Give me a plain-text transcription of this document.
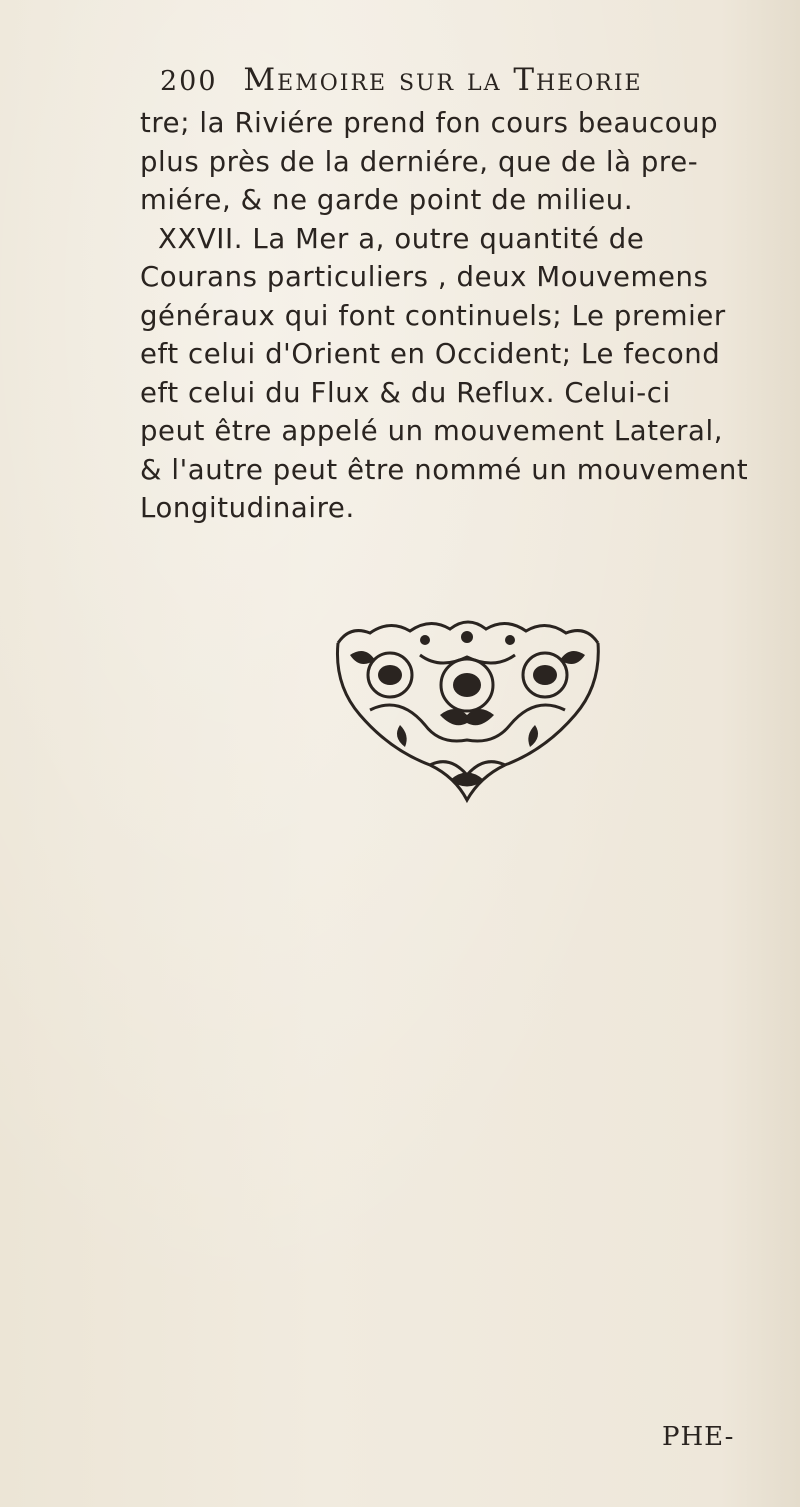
200 Memoire sur la Theorie
tre; la Riviére prend fon cours beaucoup
plus près de la derniére, que de là pre-
miére, & ne garde point de milieu.
XXVII. La Mer a, outre quantité de
Courans particuliers , deux Mouvemens
généraux qui font continuels; Le premier
eft celui d'Orient en Occident; Le fecond
eft celui du Flux & du Reflux. Celui-ci
peut être appelé un mouvement Lateral,
& l'autre peut être nommé un mouvement
Longitudinaire.
PHE-
